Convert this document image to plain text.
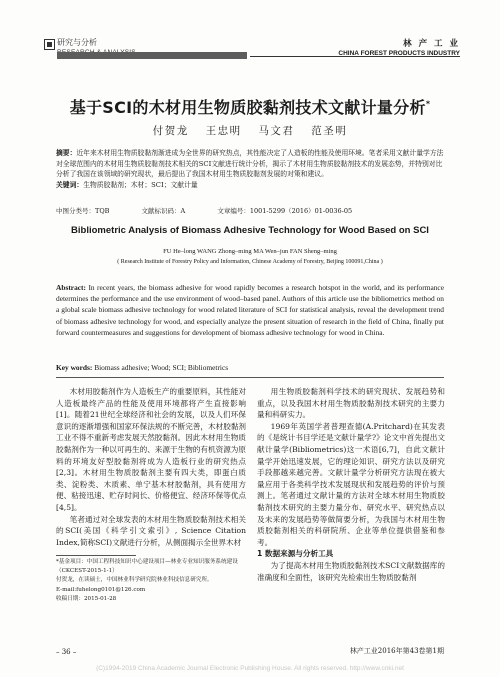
研究与分析	林 产 工 业
CHINA FOREST PRODUCTS INDUSTRY
基于SCI的木材用生物质胶黏剂技术文献计量分析*
付贺龙 王忠明 马文君 范圣明
摘要：近年来木材用生物质胶黏剂渐进成为全世界的研究热点，其性能决定了人造板的性能及使用环境。笔者采用文献计量学方法对全球范围内的木材用生物质胶黏剂技术相关的SCI文献进行统计分析，揭示了木材用生物质胶黏剂技术的发展态势，并特别对比分析了我国在该领域的研究现状，最后提出了我国木材用生物质胶黏剂发展的对策和建议。
关键词：生物质胶黏剂；木材；SCI；文献计量
中图分类号：TQB	文献标识码：A	文章编号：1001-5299（2016）01-0036-05
Bibliometric Analysis of Biomass Adhesive Technology for Wood Based on SCI
FU He–long WANG Zhong–ming MA Wen–jun FAN Sheng–ming
( Research Institute of Forestry Policy and Information, Chinese Academy of Forestry, Beijing 100091,China )
Abstract: In recent years, the biomass adhesive for wood rapidly becomes a research hotspot in the world, and its performance determines the performance and the use environment of wood–based panel. Authors of this article use the bibliometrics method on a global scale biomass adhesive technology for wood related literature of SCI for statistical analysis, reveal the development trend of biomass adhesive technology for wood, and especially analyze the present situation of research in the field of China, finally put forward countermeasures and suggestions for development of biomass adhesive technology for wood in China.
Key words: Biomass adhesive; Wood; SCI; Bibliometrics

木材用胶黏剂作为人造板生产的重要原料，其性能对人造板最终产品的性能及使用环境都将产生直接影响[1]。随着21世纪全球经济和社会的发展，以及人们环保意识的逐渐增强和国家环保法规的不断完善，木材胶黏剂工业不得不重新考虑发展天然胶黏剂。因此木材用生物质胶黏剂作为一种以可再生的、来源于生物的有机资源为原料的环境友好型胶黏剂将成为人造板行业的研究热点[2,3]。木材用生物质胶黏剂主要有四大类，即蛋白质类、淀粉类、木质素、单宁基木材胶黏剂，具有使用方便、粘接迅速、贮存时间长、价格便宜、经济环保等优点[4,5]。

笔者通过对全球发表的木材用生物质胶黏剂技术相关的SCI(美国《科学引文索引》, Science Citation Index,简称SCI)文献进行分析，从侧面揭示全世界木材

用生物质胶黏剂科学技术的研究现状、发展趋势和重点，以及我国木材用生物质胶黏剂技术研究的主要力量和科研实力。

1969年英国学者普理查德(A.Pritchard)在其发表的《是统计书目学还是文献计量学?》论文中首先提出文献计量学(Bibliometrics)这一术语[6,7]，自此文献计量学开始迅速发展，它的理论知识、研究方法以及研究手段都越来越完善。文献计量学分析研究方法现在被大量应用于各类科学技术发展现状和发展趋势的评价与预测上。笔者通过文献计量的方法对全球木材用生物质胶黏剂技术研究的主要力量分布、研究水平、研究热点以及未来的发展趋势等做简要分析，为我国与木材用生物质胶黏剂相关的科研院所、企业等单位提供借鉴和参考。

1 数据来源与分析工具

为了提高木材用生物质胶黏剂技术SCI文献数据库的准确度和全面性，该研究先检索出生物质胶黏剂

*基金项目：中国工程科技知识中心建设项目—林业专业知识服务系统建设（CKCEST-2015-1-1）
付贺龙，在读硕士，中国林业科学研究院林业科技信息研究所。
E-mail:fuhelong0101@126.com
收稿日期：2015-01-28
– 36 –	林产工业2016年第43卷第1期
(C)1994-2019 China Academic Journal Electronic Publishing House. All rights reserved. http://www.cnki.net
